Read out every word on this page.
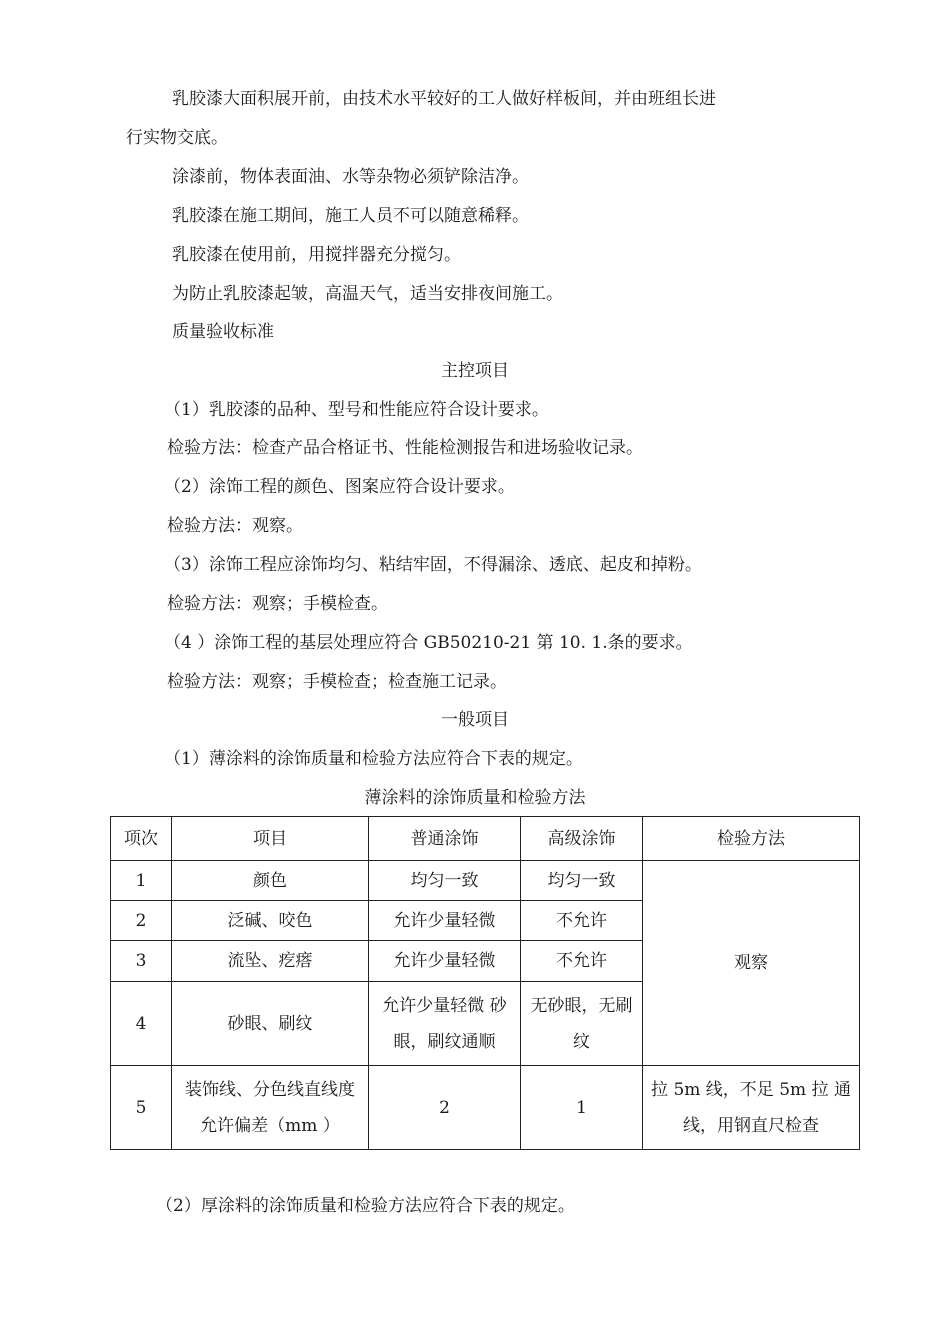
乳胶漆大面积展开前，由技术水平较好的工人做好样板间，并由班组长进
行实物交底。
涂漆前，物体表面油、水等杂物必须铲除洁净。
乳胶漆在施工期间，施工人员不可以随意稀释。
乳胶漆在使用前，用搅拌器充分搅匀。
为防止乳胶漆起皱，高温天气，适当安排夜间施工。
质量验收标准
主控项目
（1）乳胶漆的品种、型号和性能应符合设计要求。
检验方法：检查产品合格证书、性能检测报告和进场验收记录。
（2）涂饰工程的颜色、图案应符合设计要求。
检验方法：观察。
（3）涂饰工程应涂饰均匀、粘结牢固，不得漏涂、透底、起皮和掉粉。
检验方法：观察；手模检查。
（4 ）涂饰工程的基层处理应符合 GB50210-21 第 10. 1.条的要求。
检验方法：观察；手模检查；检查施工记录。
一般项目
（1）薄涂料的涂饰质量和检验方法应符合下表的规定。
薄涂料的涂饰质量和检验方法
项次	项目	普通涂饰	高级涂饰	检验方法
1	颜色	均匀一致	均匀一致	观察
2	泛碱、咬色	允许少量轻微	不允许	
3	流坠、疙瘩	允许少量轻微	不允许	
4	砂眼、刷纹	允许少量轻微 砂眼，刷纹通顺	无砂眼，无刷纹	
5	装饰线、分色线直线度允许偏差（mm ）	2	1	拉 5m 线，不足 5m 拉 通线，用钢直尺检查
（2）厚涂料的涂饰质量和检验方法应符合下表的规定。
